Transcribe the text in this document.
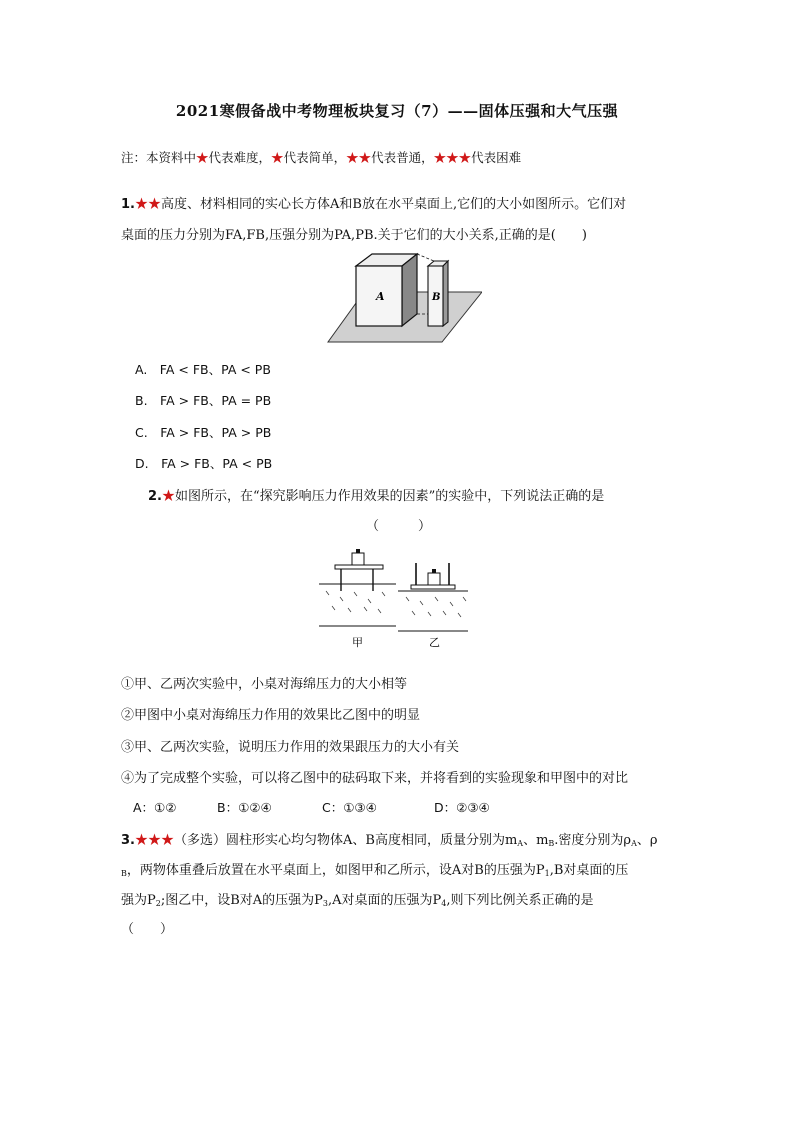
2021寒假备战中考物理板块复习（7）——固体压强和大气压强
注：本资料中★代表难度，★代表简单，★★代表普通，★★★代表困难
1.★★高度、材料相同的实心长方体A和B放在水平桌面上,它们的大小如图所示。它们对
桌面的压力分别为FA,FB,压强分别为PA,PB.关于它们的大小关系,正确的是(　　)
A	B
A.　FA < FB、PA < PB
B.　FA > FB、PA = PB
C.　FA > FB、PA > PB
D.　FA > FB、PA < PB
2.★如图所示，在“探究影响压力作用效果的因素”的实验中，下列说法正确的是
（　　　）
甲	乙
①甲、乙两次实验中，小桌对海绵压力的大小相等
②甲图中小桌对海绵压力作用的效果比乙图中的明显
③甲、乙两次实验，说明压力作用的效果跟压力的大小有关
④为了完成整个实验，可以将乙图中的砝码取下来，并将看到的实验现象和甲图中的对比
A：①②	B：①②④	C：①③④	D：②③④
3.★★★（多选）圆柱形实心均匀物体A、B高度相同，质量分别为$m_A$、$m_B$.密度分别为$\rho_A$、ρ
$_B$，两物体重叠后放置在水平桌面上，如图甲和乙所示，设A对B的压强为$P_1,B$对桌面的压
强为$P_2$;图乙中，设B对A的压强为$P_3,A$对桌面的压强为$P_4$,则下列比例关系正确的是
（　　）
